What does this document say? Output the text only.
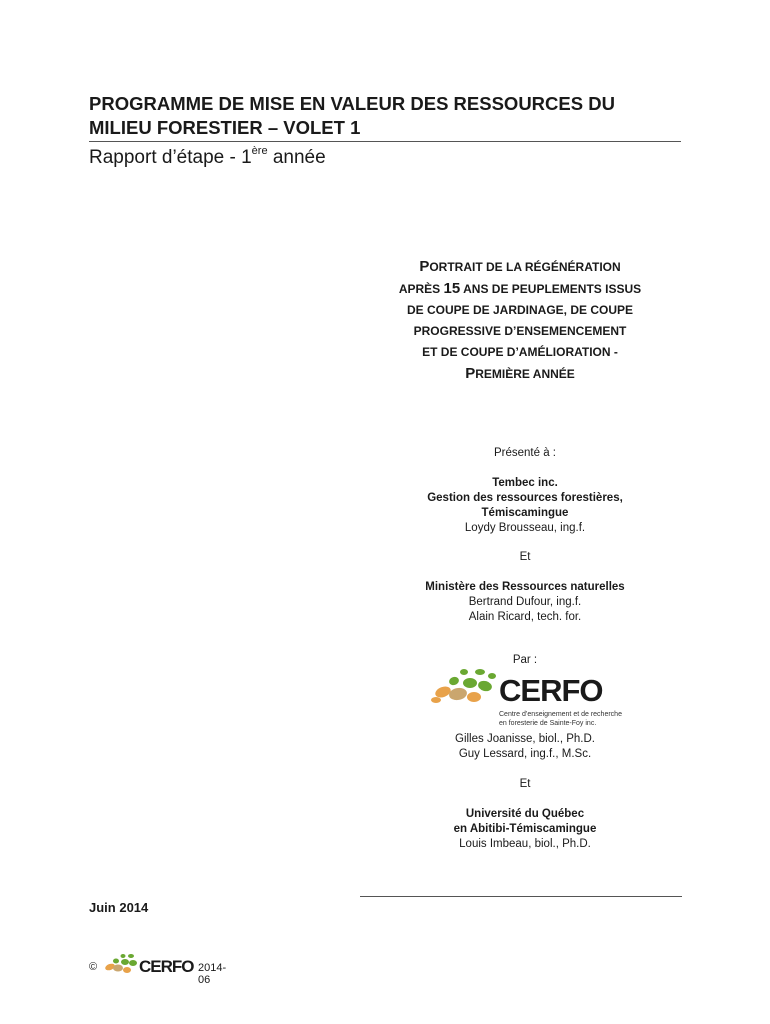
PROGRAMME DE MISE EN VALEUR DES RESSOURCES DU
MILIEU FORESTIER – VOLET 1
Rapport d’étape - 1ère année
PORTRAIT DE LA RÉGÉNÉRATION
APRÈS 15 ANS DE PEUPLEMENTS ISSUS
DE COUPE DE JARDINAGE, DE COUPE
PROGRESSIVE D’ENSEMENCEMENT
ET DE COUPE D’AMÉLIORATION -
PREMIÈRE ANNÉE
Présenté à :
Tembec inc.
Gestion des ressources forestières,
Témiscamingue
Loydy Brousseau, ing.f.
Et
Ministère des Ressources naturelles
Bertrand Dufour, ing.f.
Alain Ricard, tech. for.
Par :
CERFO
Centre d’enseignement et de recherche
en foresterie de Sainte-Foy inc.
Gilles Joanisse, biol., Ph.D.
Guy Lessard, ing.f., M.Sc.
Et
Université du Québec
en Abitibi-Témiscamingue
Louis Imbeau, biol., Ph.D.
Juin 2014
© CERFO 2014-06
